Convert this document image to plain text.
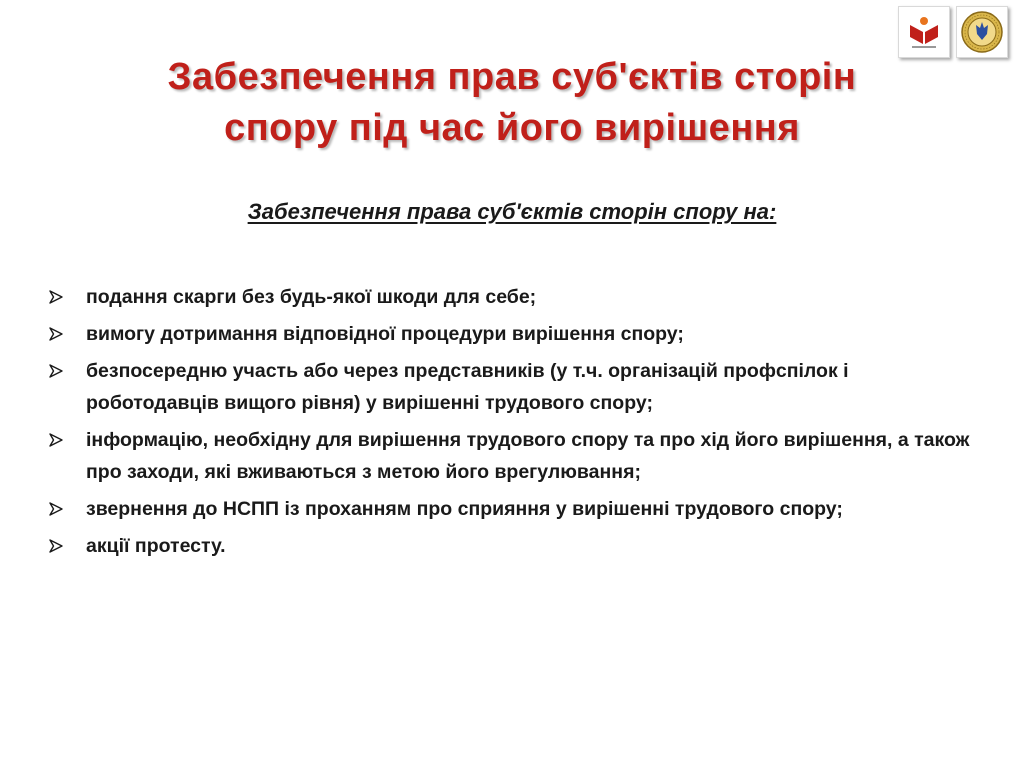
Забезпечення прав суб'єктів сторін
спору під час його вирішення
Забезпечення права суб'єктів сторін спору на:
подання скарги без будь-якої шкоди для себе;
вимогу дотримання відповідної процедури вирішення спору;
безпосередню участь або через представників (у т.ч. організацій профспілок і роботодавців вищого рівня) у вирішенні трудового спору;
інформацію, необхідну для вирішення трудового спору та про хід його вирішення, а також про заходи, які вживаються з метою його врегулювання;
звернення до НСПП із проханням про сприяння у вирішенні трудового спору;
акції протесту.
